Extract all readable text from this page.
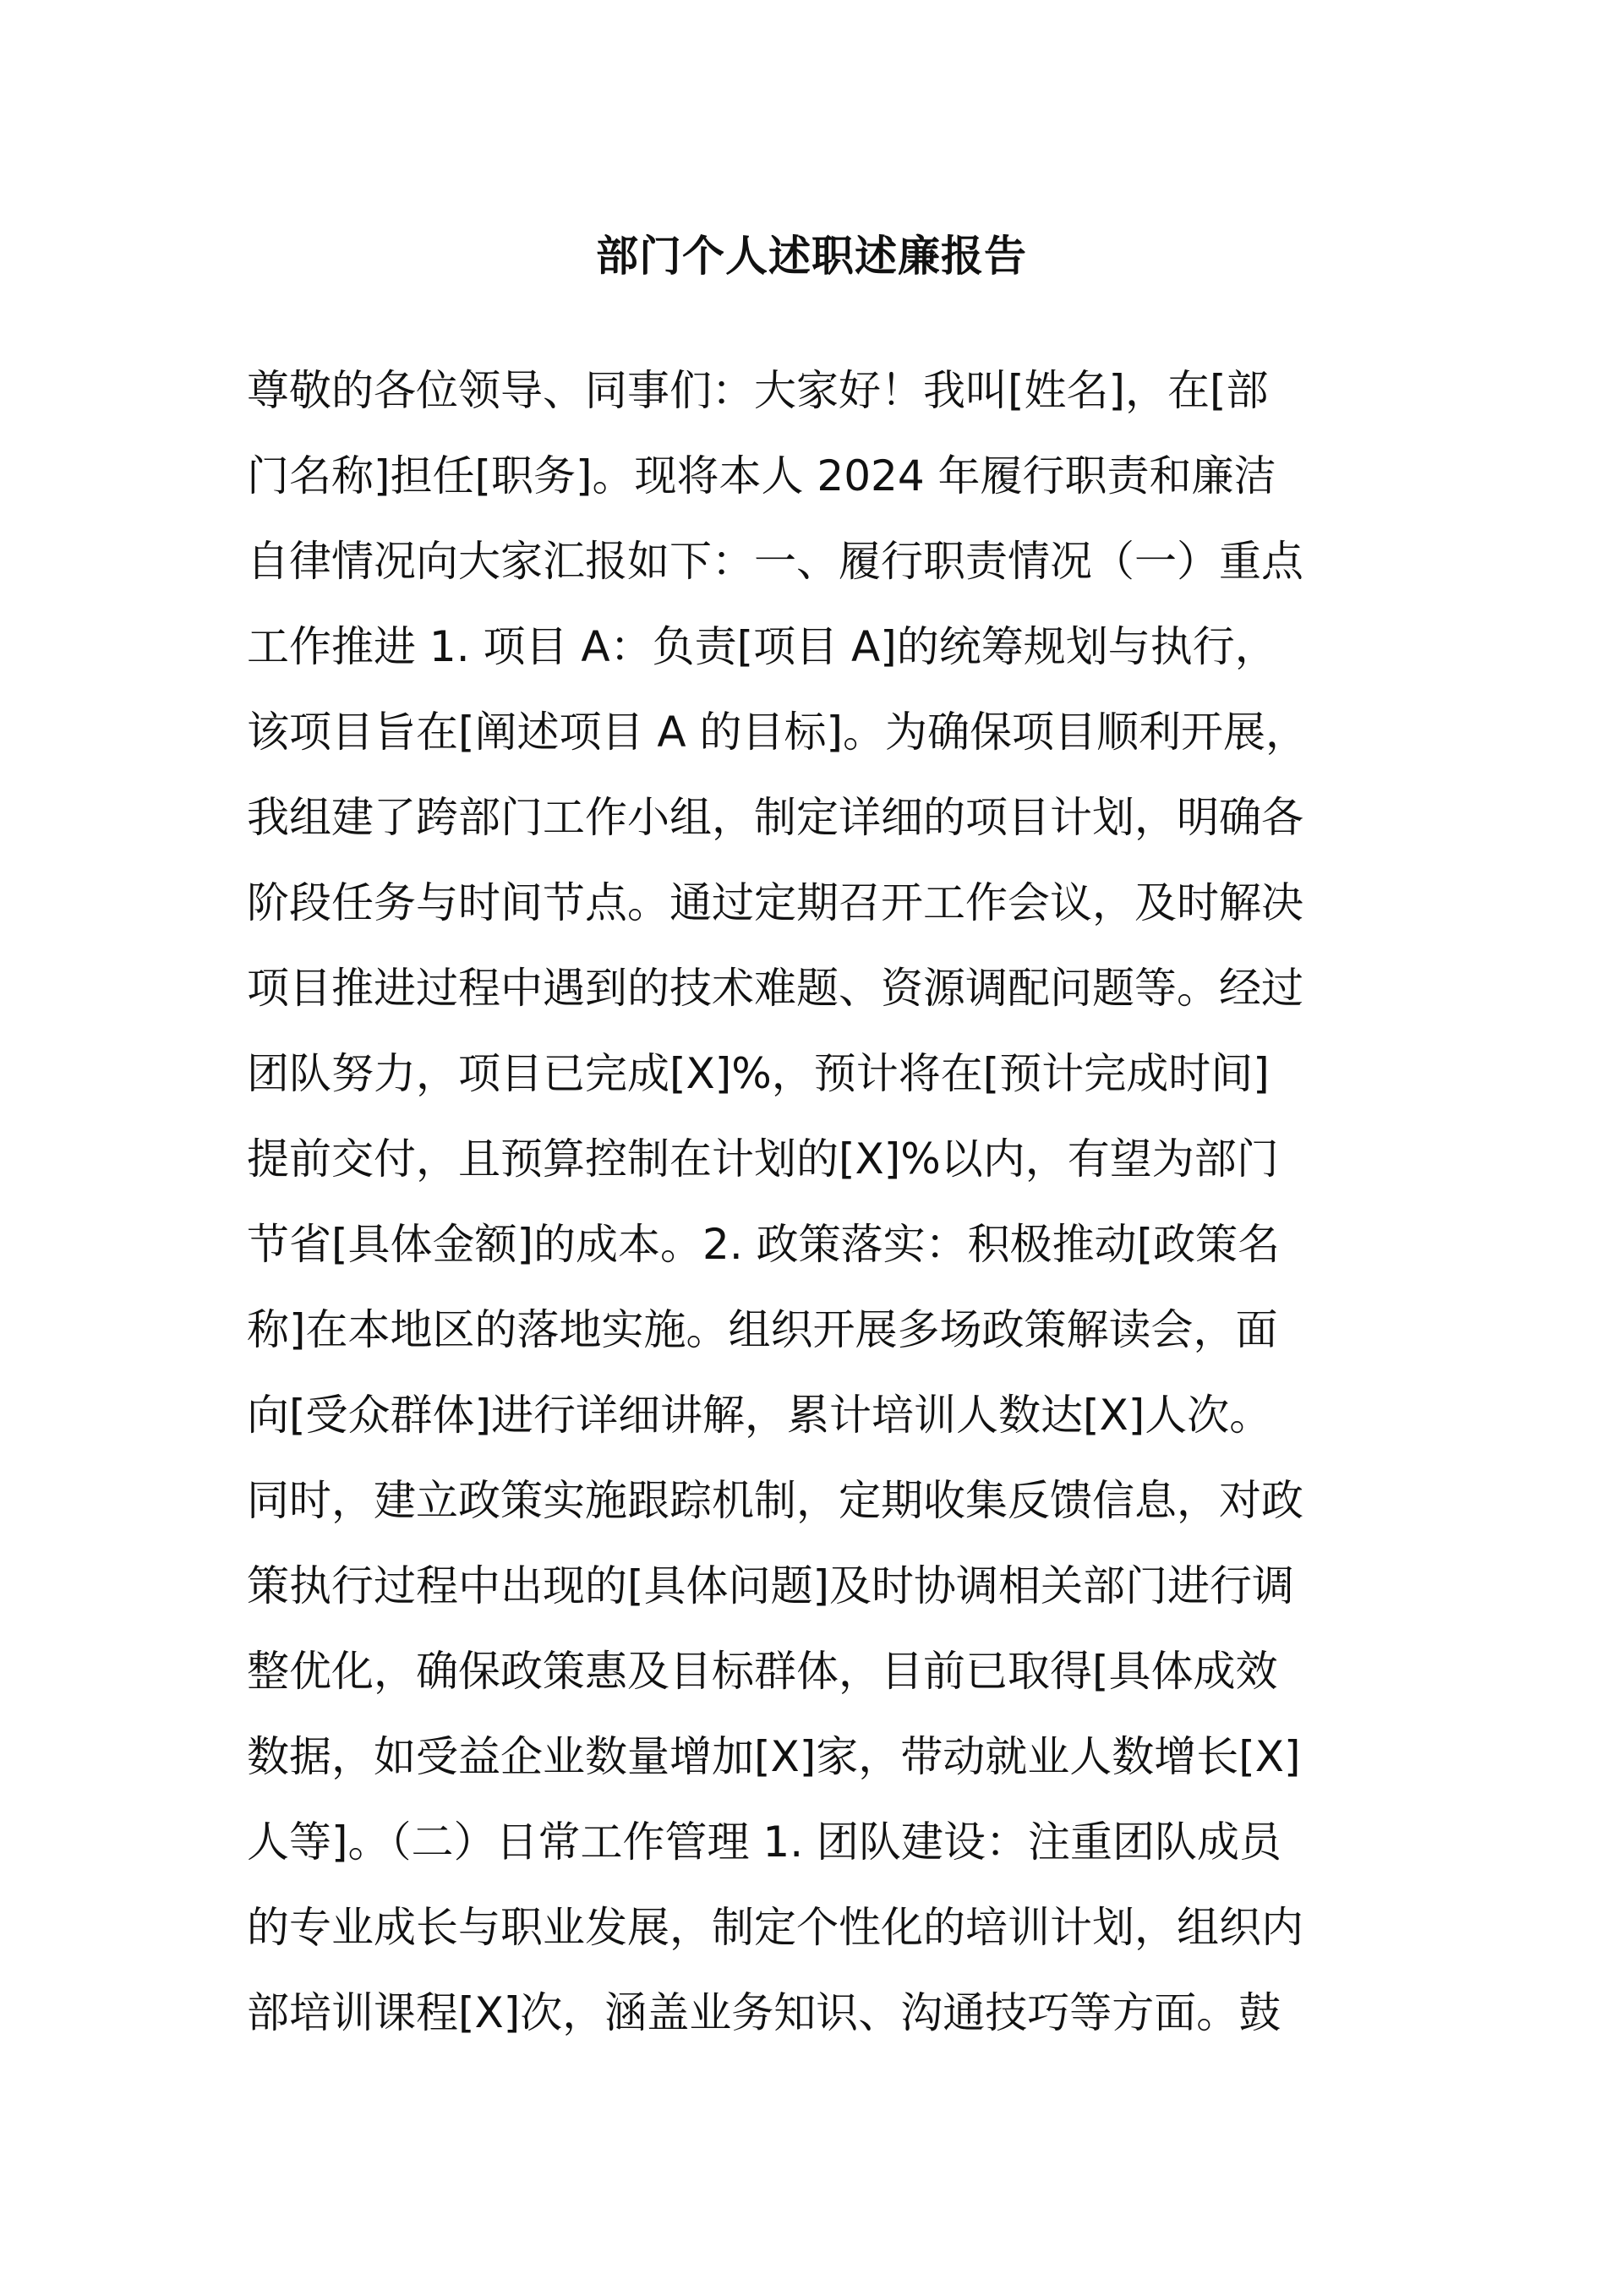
部门个人述职述廉报告
尊敬的各位领导、同事们：大家好！我叫[姓名]，在[部
门名称]担任[职务]。现将本人 2024 年履行职责和廉洁
自律情况向大家汇报如下：一、履行职责情况（一）重点
工作推进 1. 项目 A：负责[项目 A]的统筹规划与执行，
该项目旨在[阐述项目 A 的目标]。为确保项目顺利开展，
我组建了跨部门工作小组，制定详细的项目计划，明确各
阶段任务与时间节点。通过定期召开工作会议，及时解决
项目推进过程中遇到的技术难题、资源调配问题等。经过
团队努力，项目已完成[X]%，预计将在[预计完成时间]
提前交付，且预算控制在计划的[X]%以内，有望为部门
节省[具体金额]的成本。2. 政策落实：积极推动[政策名
称]在本地区的落地实施。组织开展多场政策解读会，面
向[受众群体]进行详细讲解，累计培训人数达[X]人次。
同时，建立政策实施跟踪机制，定期收集反馈信息，对政
策执行过程中出现的[具体问题]及时协调相关部门进行调
整优化，确保政策惠及目标群体，目前已取得[具体成效
数据，如受益企业数量增加[X]家，带动就业人数增长[X]
人等]。（二）日常工作管理 1. 团队建设：注重团队成员
的专业成长与职业发展，制定个性化的培训计划，组织内
部培训课程[X]次，涵盖业务知识、沟通技巧等方面。鼓
